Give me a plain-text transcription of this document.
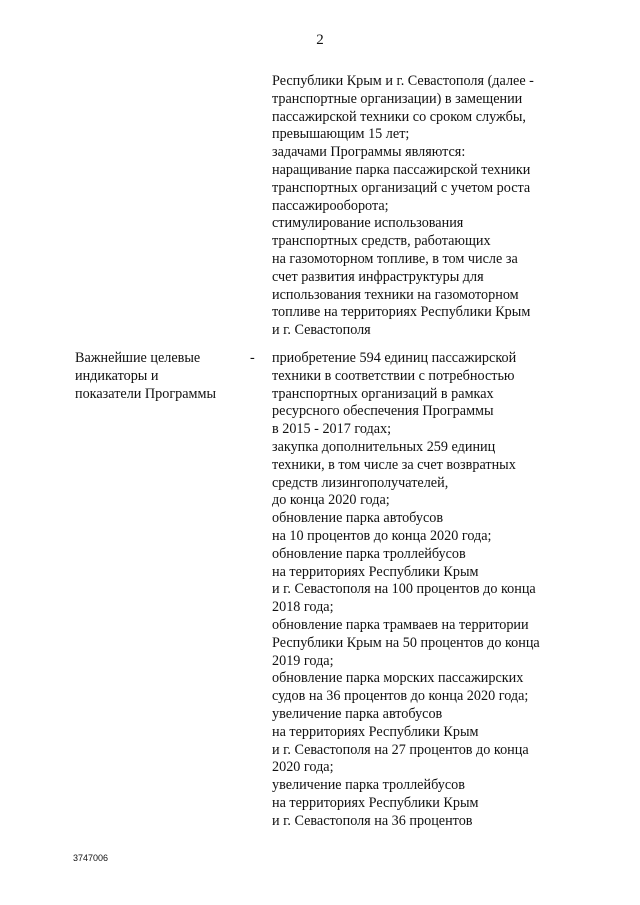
2
Республики Крым и г. Севастополя (далее -
транспортные организации) в замещении
пассажирской техники со сроком службы,
превышающим 15 лет;
задачами Программы являются:
наращивание парка пассажирской техники
транспортных организаций с учетом роста
пассажирооборота;
стимулирование использования
транспортных средств, работающих
на газомоторном топливе, в том числе за
счет развития инфраструктуры для
использования техники на газомоторном
топливе на территориях Республики Крым
и г. Севастополя
Важнейшие целевые
индикаторы и
показатели Программы
- приобретение 594 единиц пассажирской
техники в соответствии с потребностью
транспортных организаций в рамках
ресурсного обеспечения Программы
в 2015 - 2017 годах;
закупка дополнительных 259 единиц
техники, в том числе за счет возвратных
средств лизингополучателей,
до конца 2020 года;
обновление парка автобусов
на 10 процентов до конца 2020 года;
обновление парка троллейбусов
на территориях Республики Крым
и г. Севастополя на 100 процентов до конца
2018 года;
обновление парка трамваев на территории
Республики Крым на 50 процентов до конца
2019 года;
обновление парка морских пассажирских
судов на 36 процентов до конца 2020 года;
увеличение парка автобусов
на территориях Республики Крым
и г. Севастополя на 27 процентов до конца
2020 года;
увеличение парка троллейбусов
на территориях Республики Крым
и г. Севастополя на 36 процентов
3747006
